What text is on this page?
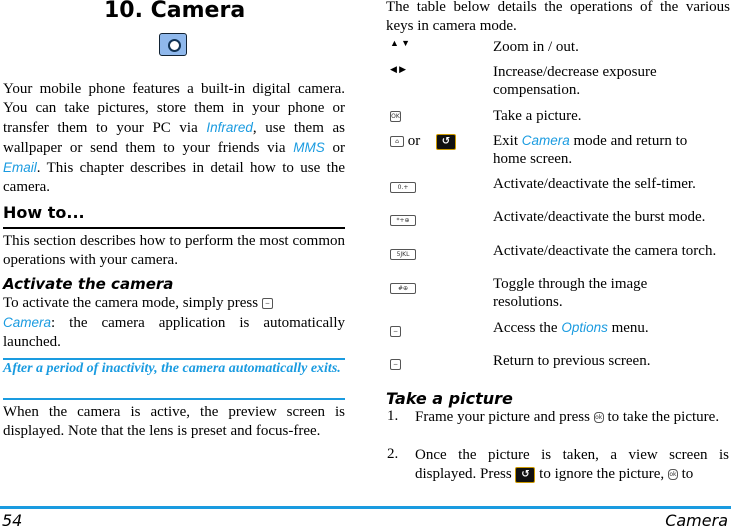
10. Camera
Your mobile phone features a built-in digital camera. You can take pictures, store them in your phone or transfer them to your PC via Infrared, use them as wallpaper or send them to your friends via MMS or Email. This chapter describes in detail how to use the camera.
How to...
This section describes how to perform the most common operations with your camera.
Activate the camera
To activate the camera mode, simply press −
Camera: the camera application is automatically launched.
After a period of inactivity, the camera automatically exits.
When the camera is active, the preview screen is displayed. Note that the lens is preset and focus-free.
The table below details the operations of the various keys in camera mode.
▲ ▼	Zoom in / out.
◀ ▶	Increase/decrease exposure compensation.
OK	Take a picture.
⌂ or ↺	Exit Camera mode and return to home screen.
0.+	Activate/deactivate the self-timer.
*+⊕	Activate/deactivate the burst mode.
5JKL	Activate/deactivate the camera torch.
#⊕	Toggle through the image resolutions.
−	Access the Options menu.
−	Return to previous screen.
Take a picture
1. Frame your picture and press ok to take the picture.
2. Once the picture is taken, a view screen is displayed. Press ↺ to ignore the picture, ok to
54	Camera
